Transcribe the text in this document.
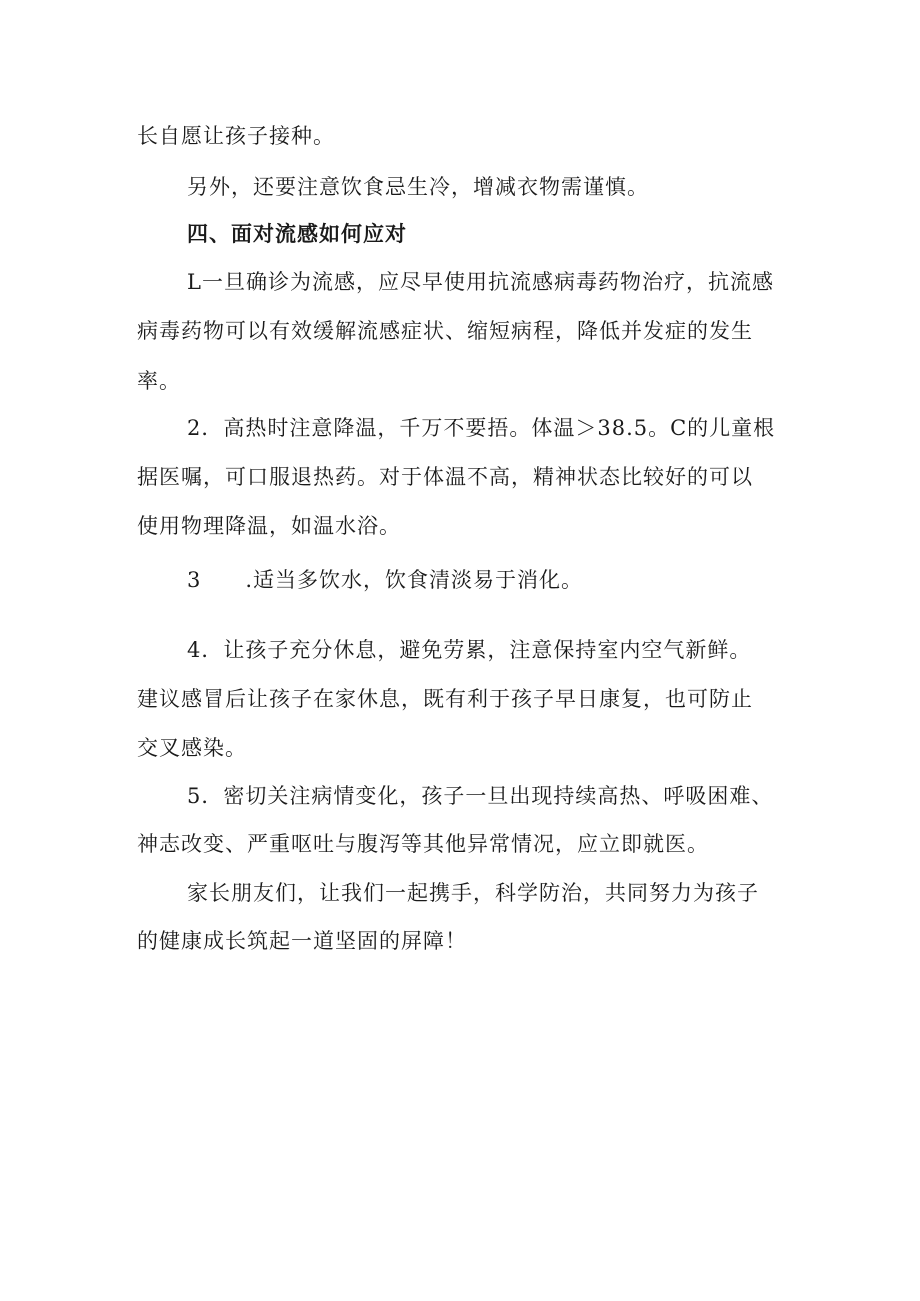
长自愿让孩子接种。
另外，还要注意饮食忌生冷，增减衣物需谨慎。
四、面对流感如何应对
L一旦确诊为流感，应尽早使用抗流感病毒药物治疗，抗流感
病毒药物可以有效缓解流感症状、缩短病程，降低并发症的发生
率。
2．高热时注意降温，千万不要捂。体温＞38.5。C的儿童根
据医嘱，可口服退热药。对于体温不高，精神状态比较好的可以
使用物理降温，如温水浴。
3　　.适当多饮水，饮食清淡易于消化。
4．让孩子充分休息，避免劳累，注意保持室内空气新鲜。
建议感冒后让孩子在家休息，既有利于孩子早日康复，也可防止
交叉感染。
5．密切关注病情变化，孩子一旦出现持续高热、呼吸困难、
神志改变、严重呕吐与腹泻等其他异常情况，应立即就医。
家长朋友们，让我们一起携手，科学防治，共同努力为孩子
的健康成长筑起一道坚固的屏障！
